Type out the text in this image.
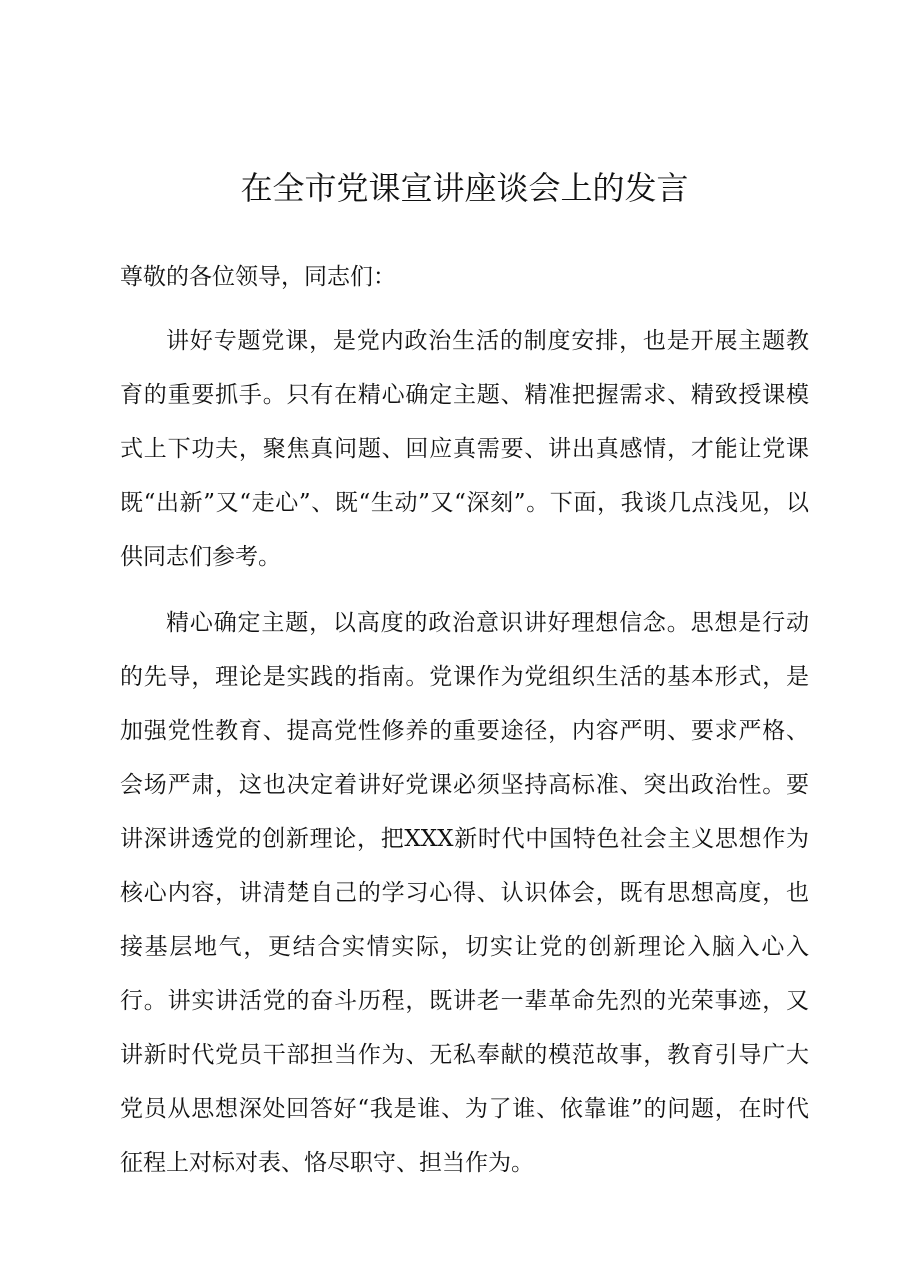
在全市党课宣讲座谈会上的发言

尊敬的各位领导，同志们：

讲好专题党课，是党内政治生活的制度安排，也是开展主题教育的重要抓手。只有在精心确定主题、精准把握需求、精致授课模式上下功夫，聚焦真问题、回应真需要、讲出真感情，才能让党课既“出新”又“走心”、既“生动”又“深刻”。下面，我谈几点浅见，以供同志们参考。

精心确定主题，以高度的政治意识讲好理想信念。思想是行动的先导，理论是实践的指南。党课作为党组织生活的基本形式，是加强党性教育、提高党性修养的重要途径，内容严明、要求严格、会场严肃，这也决定着讲好党课必须坚持高标准、突出政治性。要讲深讲透党的创新理论，把XXX新时代中国特色社会主义思想作为核心内容，讲清楚自己的学习心得、认识体会，既有思想高度，也接基层地气，更结合实情实际，切实让党的创新理论入脑入心入行。讲实讲活党的奋斗历程，既讲老一辈革命先烈的光荣事迹，又讲新时代党员干部担当作为、无私奉献的模范故事，教育引导广大党员从思想深处回答好“我是谁、为了谁、依靠谁”的问题，在时代征程上对标对表、恪尽职守、担当作为。
